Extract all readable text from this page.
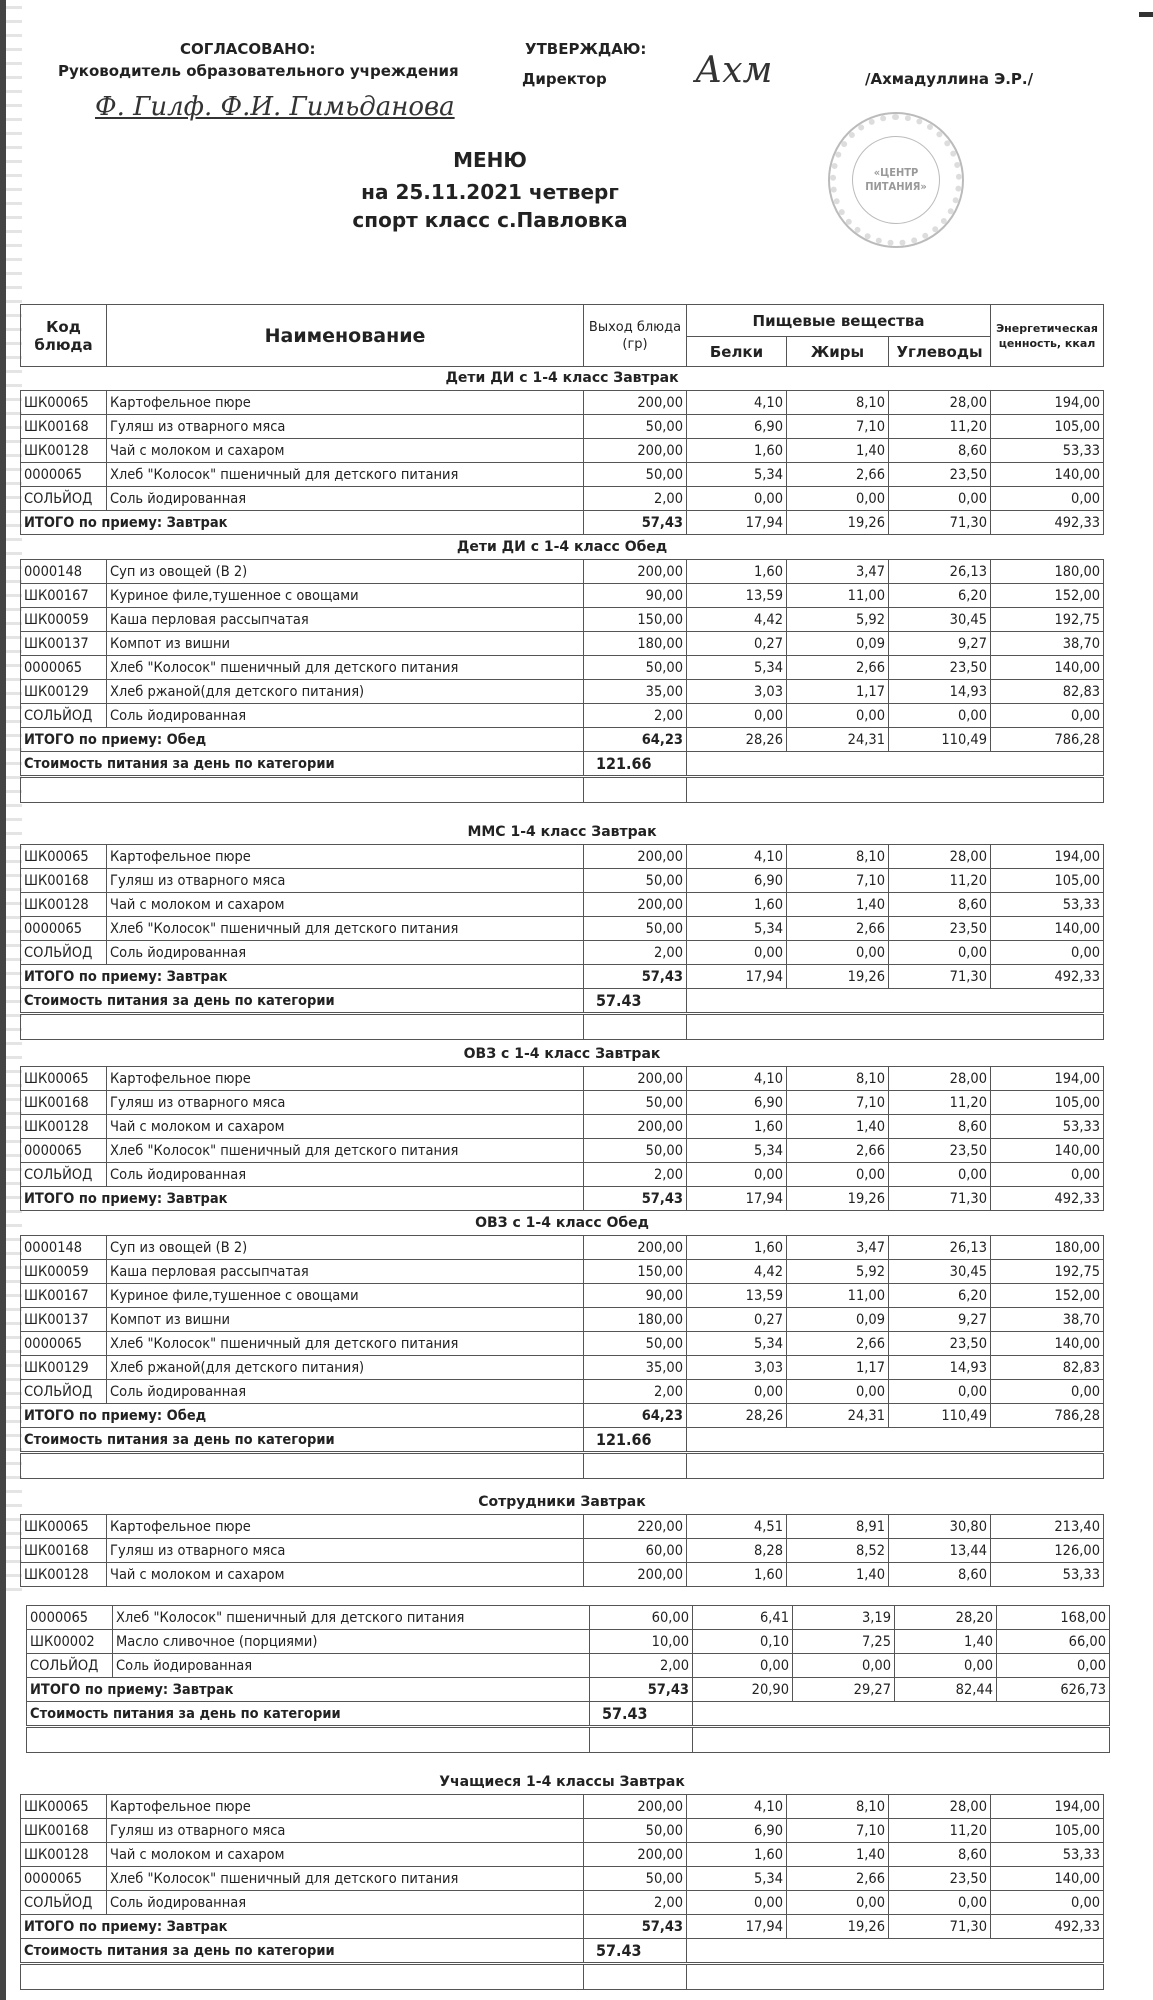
СОГЛАСОВАНО:
Руководитель образовательного учреждения
Ф. Гилф. Ф.И. Гимьданова
УТВЕРЖДАЮ:
Директор Ахм	/Ахмадуллина Э.Р./
«ЦЕНТР
ПИТАНИЯ»
МЕНЮ
на 25.11.2021 четверг
спорт класс с.Павловка
Код блюда	Наименование	Выход блюда (гр)	Пищевые вещества			Энергетическая ценность, ккал
			Белки	Жиры	Углеводы	
Дети ДИ с 1-4 класс Завтрак						
ШК00065	Картофельное пюре	200,00	4,10	8,10	28,00	194,00
ШК00168	Гуляш из отварного мяса	50,00	6,90	7,10	11,20	105,00
ШК00128	Чай с молоком и сахаром	200,00	1,60	1,40	8,60	53,33
0000065	Хлеб "Колосок" пшеничный для детского питания	50,00	5,34	2,66	23,50	140,00
СОЛЬЙОД	Соль йодированная	2,00	0,00	0,00	0,00	0,00
ИТОГО по приему: Завтрак		57,43	17,94	19,26	71,30	492,33
Дети ДИ с 1-4 класс Обед						
0000148	Суп из овощей (В 2)	200,00	1,60	3,47	26,13	180,00
ШК00167	Куриное филе,тушенное с овощами	90,00	13,59	11,00	6,20	152,00
ШК00059	Каша перловая рассыпчатая	150,00	4,42	5,92	30,45	192,75
ШК00137	Компот из вишни	180,00	0,27	0,09	9,27	38,70
0000065	Хлеб "Колосок" пшеничный для детского питания	50,00	5,34	2,66	23,50	140,00
ШК00129	Хлеб ржаной(для детского питания)	35,00	3,03	1,17	14,93	82,83
СОЛЬЙОД	Соль йодированная	2,00	0,00	0,00	0,00	0,00
ИТОГО по приему: Обед		64,23	28,26	24,31	110,49	786,28
Стоимость питания за день по категории		121.66				

ММС 1-4 класс Завтрак						
ШК00065	Картофельное пюре	200,00	4,10	8,10	28,00	194,00
ШК00168	Гуляш из отварного мяса	50,00	6,90	7,10	11,20	105,00
ШК00128	Чай с молоком и сахаром	200,00	1,60	1,40	8,60	53,33
0000065	Хлеб "Колосок" пшеничный для детского питания	50,00	5,34	2,66	23,50	140,00
СОЛЬЙОД	Соль йодированная	2,00	0,00	0,00	0,00	0,00
ИТОГО по приему: Завтрак		57,43	17,94	19,26	71,30	492,33
Стоимость питания за день по категории		57.43				

ОВЗ с 1-4 класс Завтрак						
ШК00065	Картофельное пюре	200,00	4,10	8,10	28,00	194,00
ШК00168	Гуляш из отварного мяса	50,00	6,90	7,10	11,20	105,00
ШК00128	Чай с молоком и сахаром	200,00	1,60	1,40	8,60	53,33
0000065	Хлеб "Колосок" пшеничный для детского питания	50,00	5,34	2,66	23,50	140,00
СОЛЬЙОД	Соль йодированная	2,00	0,00	0,00	0,00	0,00
ИТОГО по приему: Завтрак		57,43	17,94	19,26	71,30	492,33
ОВЗ с 1-4 класс Обед						
0000148	Суп из овощей (В 2)	200,00	1,60	3,47	26,13	180,00
ШК00059	Каша перловая рассыпчатая	150,00	4,42	5,92	30,45	192,75
ШК00167	Куриное филе,тушенное с овощами	90,00	13,59	11,00	6,20	152,00
ШК00137	Компот из вишни	180,00	0,27	0,09	9,27	38,70
0000065	Хлеб "Колосок" пшеничный для детского питания	50,00	5,34	2,66	23,50	140,00
ШК00129	Хлеб ржаной(для детского питания)	35,00	3,03	1,17	14,93	82,83
СОЛЬЙОД	Соль йодированная	2,00	0,00	0,00	0,00	0,00
ИТОГО по приему: Обед		64,23	28,26	24,31	110,49	786,28
Стоимость питания за день по категории		121.66				

Сотрудники Завтрак						
ШК00065	Картофельное пюре	220,00	4,51	8,91	30,80	213,40
ШК00168	Гуляш из отварного мяса	60,00	8,28	8,52	13,44	126,00
ШК00128	Чай с молоком и сахаром	200,00	1,60	1,40	8,60	53,33
0000065	Хлеб "Колосок" пшеничный для детского питания	60,00	6,41	3,19	28,20	168,00
ШК00002	Масло сливочное (порциями)	10,00	0,10	7,25	1,40	66,00
СОЛЬЙОД	Соль йодированная	2,00	0,00	0,00	0,00	0,00
ИТОГО по приему: Завтрак		57,43	20,90	29,27	82,44	626,73
Стоимость питания за день по категории		57.43				

Учащиеся 1-4 классы Завтрак						
ШК00065	Картофельное пюре	200,00	4,10	8,10	28,00	194,00
ШК00168	Гуляш из отварного мяса	50,00	6,90	7,10	11,20	105,00
ШК00128	Чай с молоком и сахаром	200,00	1,60	1,40	8,60	53,33
0000065	Хлеб "Колосок" пшеничный для детского питания	50,00	5,34	2,66	23,50	140,00
СОЛЬЙОД	Соль йодированная	2,00	0,00	0,00	0,00	0,00
ИТОГО по приему: Завтрак		57,43	17,94	19,26	71,30	492,33
Стоимость питания за день по категории		57.43				
